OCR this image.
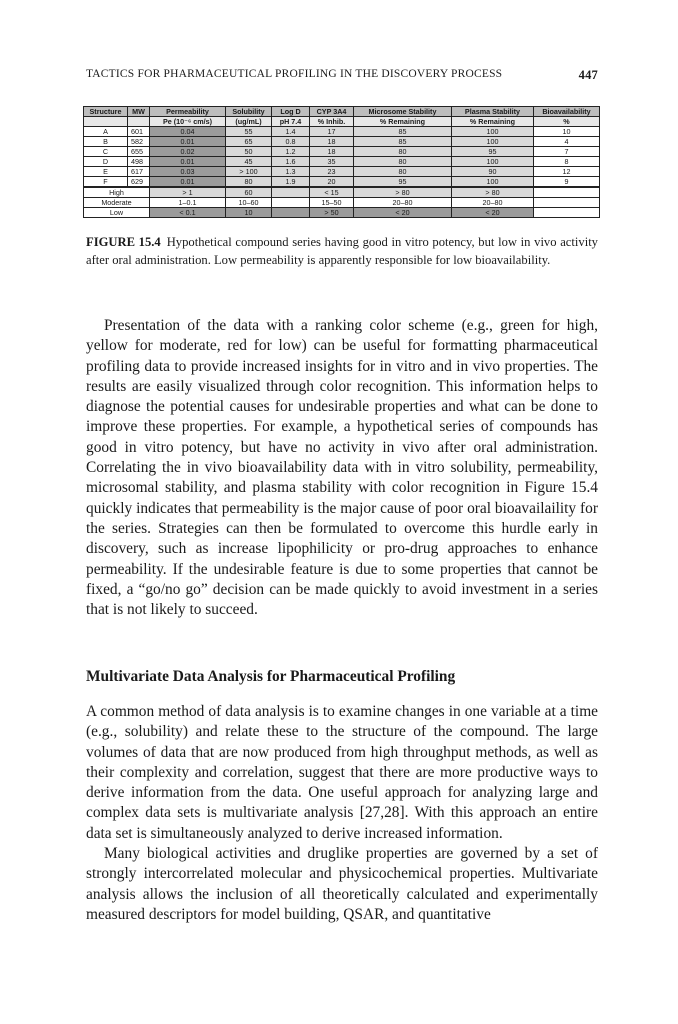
TACTICS FOR PHARMACEUTICAL PROFILING IN THE DISCOVERY PROCESS	447
Structure	MW	Permeability	Solubility	Log D	CYP 3A4	Microsome Stability	Plasma Stability	Bioavailability
		Pe (10⁻⁶ cm/s)	(ug/mL)	pH 7.4	% Inhib.	% Remaining	% Remaining	%
A	601	0.04	55	1.4	17	85	100	10
B	582	0.01	65	0.8	18	85	100	4
C	655	0.02	50	1.2	18	80	95	7
D	498	0.01	45	1.6	35	80	100	8
E	617	0.03	> 100	1.3	23	80	90	12
F	629	0.01	80	1.9	20	95	100	9
High		> 1	60		< 15	> 80	> 80	
Moderate		1–0.1	10–60		15–50	20–80	20–80	
Low		< 0.1	10		> 50	< 20	< 20	
FIGURE 15.4 Hypothetical compound series having good in vitro potency, but low in vivo activity after oral administration. Low permeability is apparently responsible for low bioavailability.

Presentation of the data with a ranking color scheme (e.g., green for high, yellow for moderate, red for low) can be useful for formatting pharmaceutical profiling data to provide increased insights for in vitro and in vivo properties. The results are easily visualized through color recognition. This information helps to diagnose the potential causes for undesirable properties and what can be done to improve these properties. For example, a hypothetical series of compounds has good in vitro potency, but have no activity in vivo after oral administration. Correlating the in vivo bioavailability data with in vitro solubility, permeability, microsomal stability, and plasma stability with color recognition in Figure 15.4 quickly indicates that permeability is the major cause of poor oral bioavailaility for the series. Strategies can then be formulated to overcome this hurdle early in discovery, such as increase lipophilicity or pro-drug approaches to enhance permeability. If the undesirable feature is due to some properties that cannot be fixed, a “go/no go” decision can be made quickly to avoid investment in a series that is not likely to succeed.

Multivariate Data Analysis for Pharmaceutical Profiling

A common method of data analysis is to examine changes in one variable at a time (e.g., solubility) and relate these to the structure of the compound. The large volumes of data that are now produced from high throughput methods, as well as their complexity and correlation, suggest that there are more productive ways to derive information from the data. One useful approach for analyzing large and complex data sets is multivariate analysis [27,28]. With this approach an entire data set is simultaneously analyzed to derive increased information.

Many biological activities and druglike properties are governed by a set of strongly intercorrelated molecular and physicochemical properties. Multivariate analysis allows the inclusion of all theoretically calculated and experimentally measured descriptors for model building, QSAR, and quantitative
